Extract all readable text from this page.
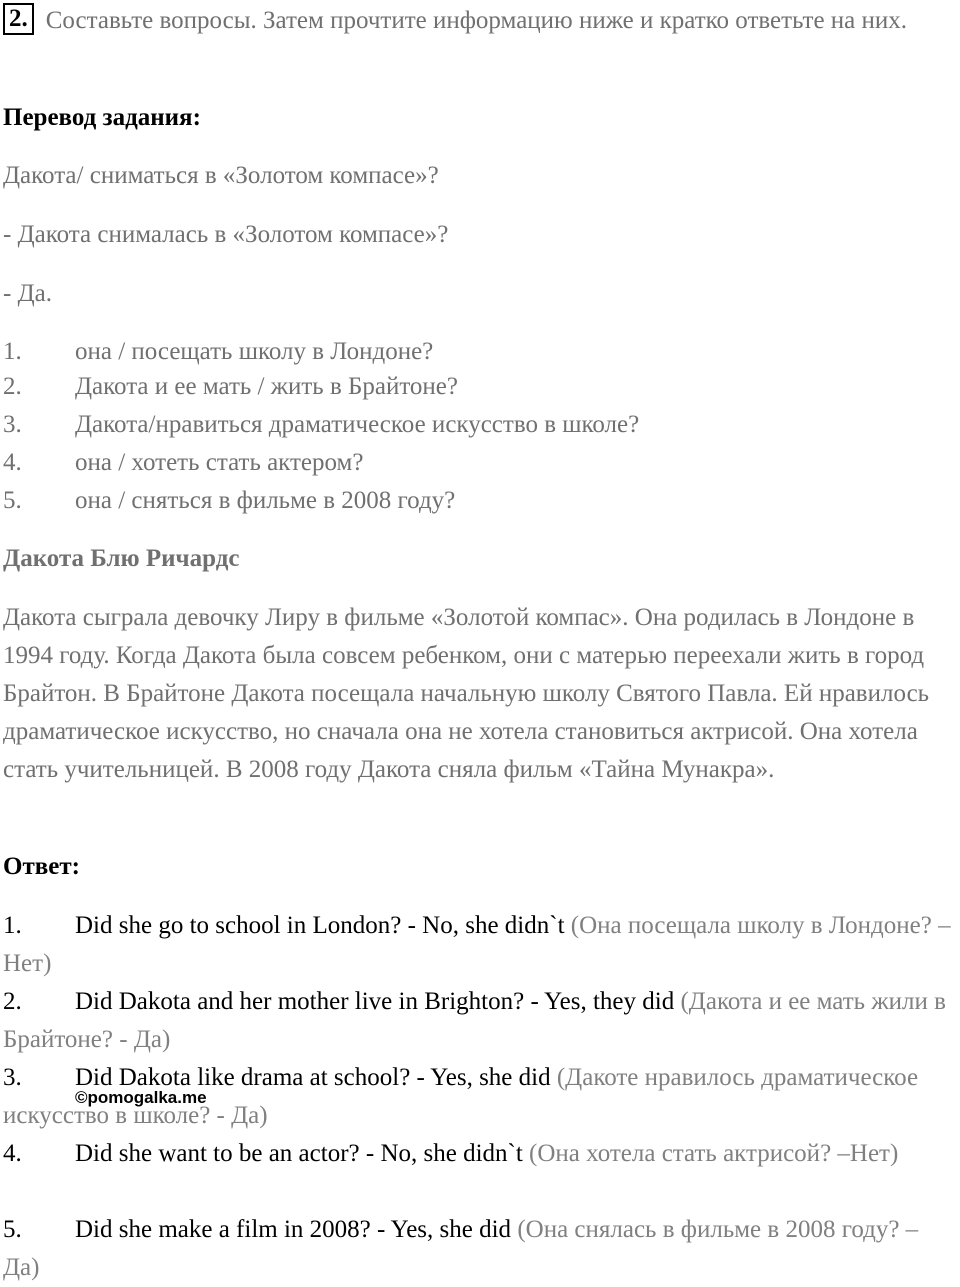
2. Составьте вопросы. Затем прочтите информацию ниже и кратко ответьте на них.
Перевод задания:
Дакота/ сниматься в «Золотом компасе»?
- Дакота снималась в «Золотом компасе»?
- Да.
1. она / посещать школу в Лондоне?
2. Дакота и ее мать / жить в Брайтоне?
3. Дакота/нравиться драматическое искусство в школе?
4. она / хотеть стать актером?
5. она / сняться в фильме в 2008 году?
Дакота Блю Ричардс
Дакота сыграла девочку Лиру в фильме «Золотой компас». Она родилась в Лондоне в 1994 году. Когда Дакота была совсем ребенком, они с матерью переехали жить в город Брайтон. В Брайтоне Дакота посещала начальную школу Святого Павла. Ей нравилось драматическое искусство, но сначала она не хотела становиться актрисой. Она хотела стать учительницей. В 2008 году Дакота сняла фильм «Тайна Мунакра».
Ответ:
1. Did she go to school in London? - No, she didn`t (Она посещала школу в Лондоне? –Нет)
2. Did Dakota and her mother live in Brighton? - Yes, they did (Дакота и ее мать жили в Брайтоне? - Да)
3. Did Dakota like drama at school? - Yes, she did (Дакоте нравилось драматическое искусство в школе? - Да)
4. Did she want to be an actor? - No, she didn`t (Она хотела стать актрисой? –Нет)
5. Did she make a film in 2008? - Yes, she did (Она снялась в фильме в 2008 году? – Да)
©pomogalka.me
